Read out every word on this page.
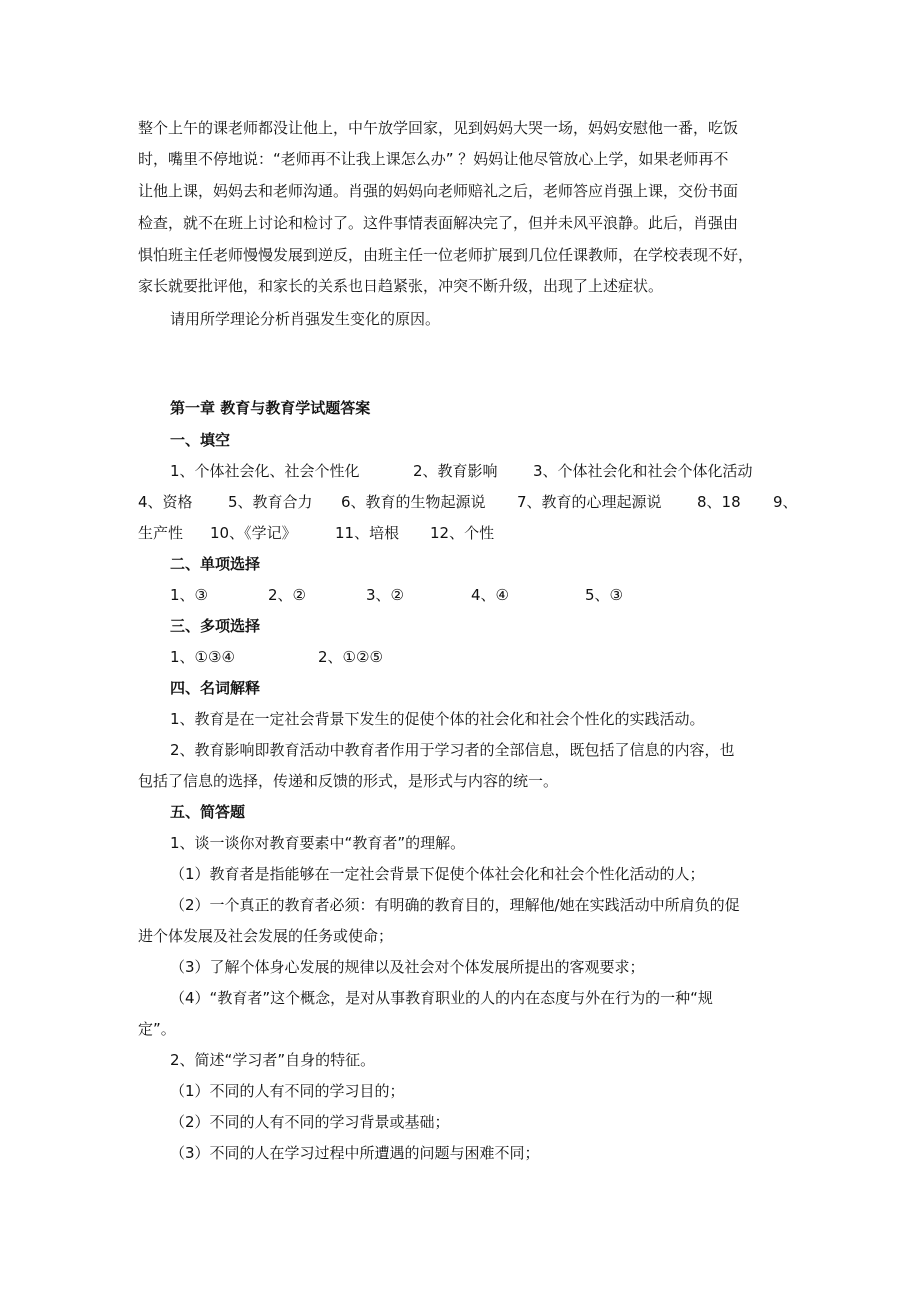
整个上午的课老师都没让他上，中午放学回家，见到妈妈大哭一场，妈妈安慰他一番，吃饭
时，嘴里不停地说：“老师再不让我上课怎么办” ？妈妈让他尽管放心上学，如果老师再不
让他上课，妈妈去和老师沟通。肖强的妈妈向老师赔礼之后，老师答应肖强上课，交份书面
检查，就不在班上讨论和检讨了。这件事情表面解决完了，但并未风平浪静。此后，肖强由
惧怕班主任老师慢慢发展到逆反，由班主任一位老师扩展到几位任课教师，在学校表现不好，
家长就要批评他，和家长的关系也日趋紧张，冲突不断升级，出现了上述症状。
请用所学理论分析肖强发生变化的原因。
第一章 教育与教育学试题答案
一、填空
1、个体社会化、社会个性化	2、教育影响 3、个体社会化和社会个体化活动
4、资格 5、教育合力 6、教育的生物起源说 7、教育的心理起源说 8、18 9、
生产性 10、《学记》	11、培根 12、个性
二、单项选择
1、③	2、②	3、②	4、④	5、③
三、多项选择
1、①③④	2、①②⑤
四、名词解释
1、教育是在一定社会背景下发生的促使个体的社会化和社会个性化的实践活动。
2、教育影响即教育活动中教育者作用于学习者的全部信息，既包括了信息的内容，也
包括了信息的选择，传递和反馈的形式，是形式与内容的统一。
五、简答题
1、谈一谈你对教育要素中“教育者”的理解。
（1）教育者是指能够在一定社会背景下促使个体社会化和社会个性化活动的人；
（2）一个真正的教育者必须：有明确的教育目的，理解他/她在实践活动中所肩负的促
进个体发展及社会发展的任务或使命；
（3）了解个体身心发展的规律以及社会对个体发展所提出的客观要求；
（4）“教育者”这个概念，是对从事教育职业的人的内在态度与外在行为的一种“规
定”。
2、简述“学习者”自身的特征。
（1）不同的人有不同的学习目的；
（2）不同的人有不同的学习背景或基础；
（3）不同的人在学习过程中所遭遇的问题与困难不同；
